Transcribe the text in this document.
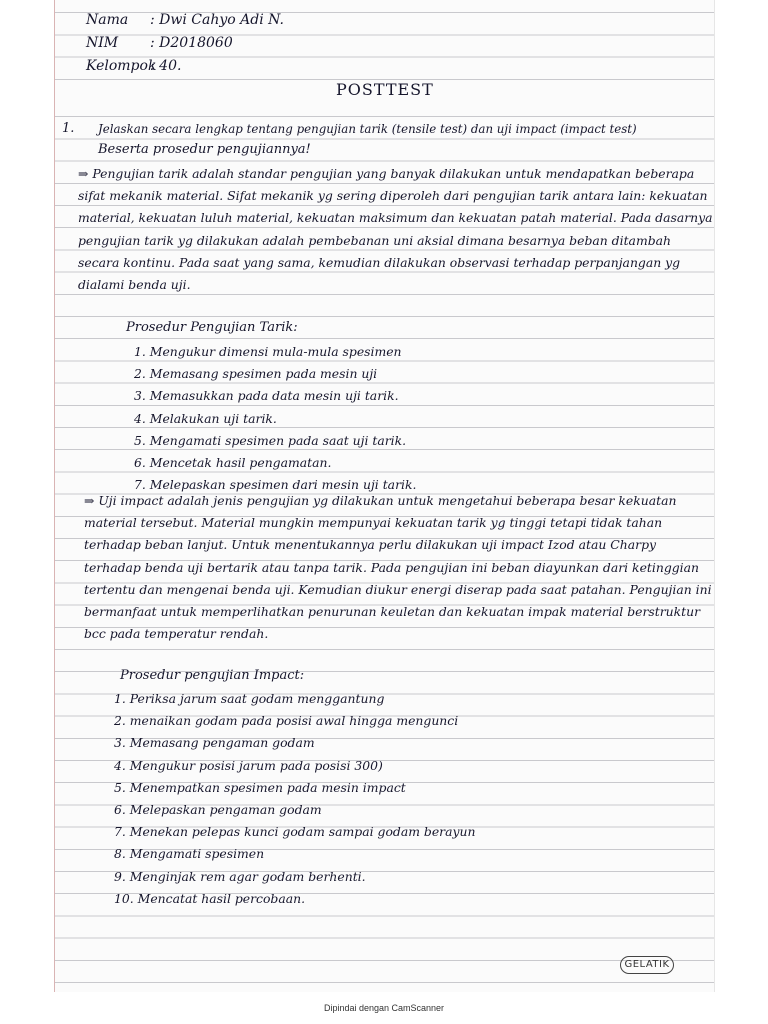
Nama : Dwi Cahyo Adi N.
NIM : D2018060
Kelompok
: 40.
POSTTEST
1. Jelaskan secara lengkap tentang pengujian tarik (tensile test) dan uji impact (impact test)
Beserta prosedur pengujiannya!

⇒ Pengujian tarik adalah standar pengujian yang banyak dilakukan untuk mendapatkan beberapa sifat mekanik material. Sifat mekanik yg sering diperoleh dari pengujian tarik antara lain: kekuatan material, kekuatan luluh material, kekuatan maksimum dan kekuatan patah material. Pada dasarnya pengujian tarik yg dilakukan adalah pembebanan uni aksial dimana besarnya beban ditambah secara kontinu. Pada saat yang sama, kemudian dilakukan observasi terhadap perpanjangan yg dialami benda uji.

Prosedur Pengujian Tarik:
1. Mengukur dimensi mula-mula spesimen
2. Memasang spesimen pada mesin uji
3. Memasukkan pada data mesin uji tarik.
4. Melakukan uji tarik.
5. Mengamati spesimen pada saat uji tarik.
6. Mencetak hasil pengamatan.
7. Melepaskan spesimen dari mesin uji tarik.

⇒ Uji impact adalah jenis pengujian yg dilakukan untuk mengetahui beberapa besar kekuatan material tersebut. Material mungkin mempunyai kekuatan tarik yg tinggi tetapi tidak tahan terhadap beban lanjut. Untuk menentukannya perlu dilakukan uji impact Izod atau Charpy terhadap benda uji bertarik atau tanpa tarik. Pada pengujian ini beban diayunkan dari ketinggian tertentu dan mengenai benda uji. Kemudian diukur energi diserap pada saat patahan. Pengujian ini bermanfaat untuk memperlihatkan penurunan keuletan dan kekuatan impak material berstruktur bcc pada temperatur rendah.

Prosedur pengujian Impact:
1. Periksa jarum saat godam menggantung
2. menaikan godam pada posisi awal hingga mengunci
3. Memasang pengaman godam
4. Mengukur posisi jarum pada posisi 300)
5. Menempatkan spesimen pada mesin impact
6. Melepaskan pengaman godam
7. Menekan pelepas kunci godam sampai godam berayun
8. Mengamati spesimen
9. Menginjak rem agar godam berhenti.
10. Mencatat hasil percobaan.
GELATIK
Dipindai dengan CamScanner
